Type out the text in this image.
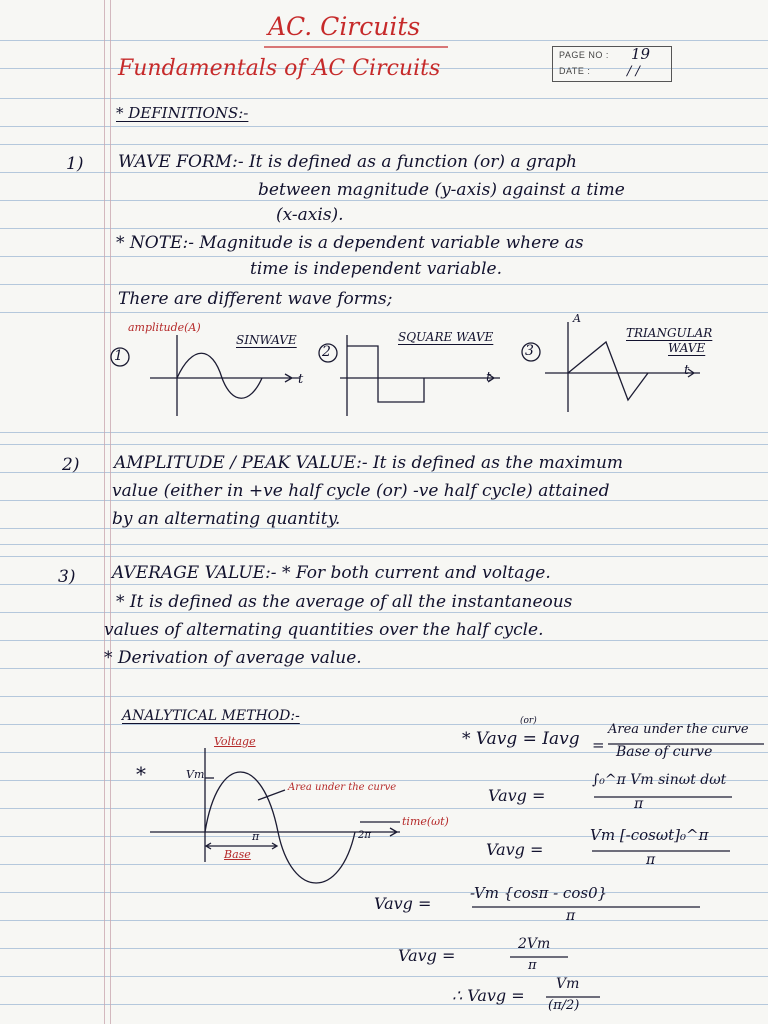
AC. Circuits
Fundamentals of AC Circuits
PAGE NO : 19
DATE :	/ /
* DEFINITIONS:-
1) WAVE FORM:- It is defined as a function (or) a graph
between magnitude (y-axis) against a time
(x-axis).
* NOTE:- Magnitude is a dependent variable where as
time is independent variable.
There are different wave forms;
amplitude(A)
1
SINWAVE
t
2
SQUARE WAVE
t
3
A
TRIANGULAR
WAVE
t
2) AMPLITUDE / PEAK VALUE:- It is defined as the maximum
value (either in +ve half cycle (or) -ve half cycle) attained
by an alternating quantity.
3) AVERAGE VALUE:- * For both current and voltage.
* It is defined as the average of all the instantaneous
values of alternating quantities over the half cycle.
* Derivation of average value.
ANALYTICAL METHOD:-
*
Voltage
Vm
Area under the curve
time(ωt)
π	2π
Base
(or)
* Vavg = Iavg =
Area under the curve
Base of curve
Vavg =
∫₀^π Vm sinωt dωt
π
Vavg =
Vm [-cosωt]₀^π
π
Vavg =
-Vm {cosπ - cos0}
π
Vavg =
2Vm
π
∴ Vavg =
Vm
(π/2)
